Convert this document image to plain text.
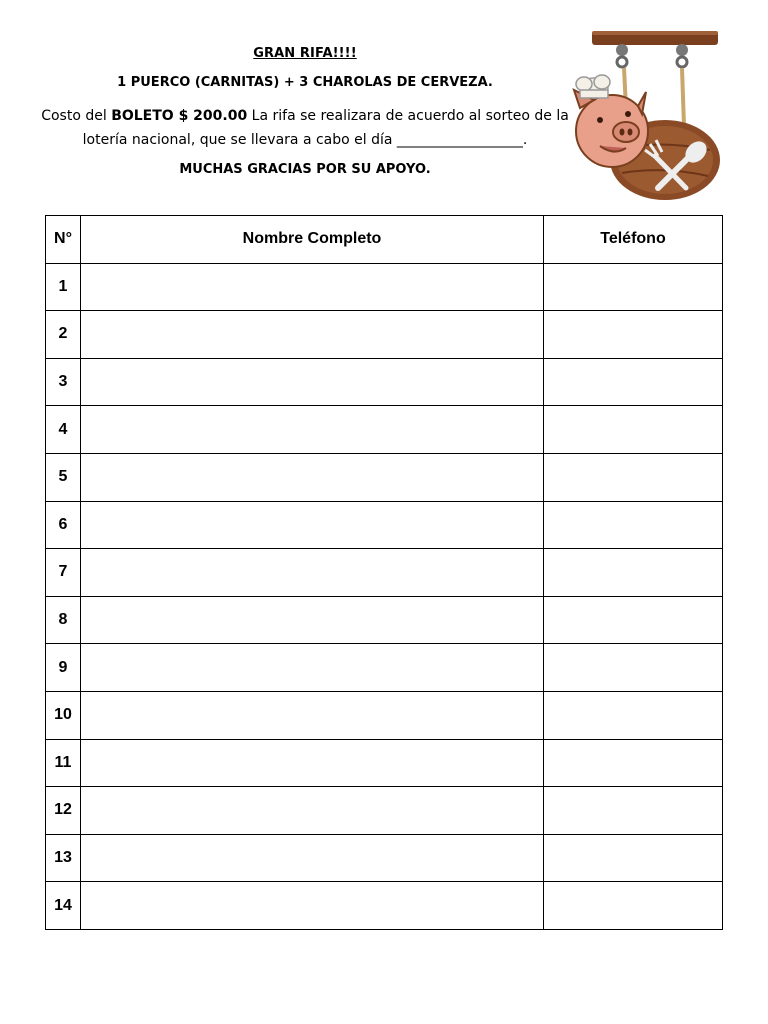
GRAN RIFA!!!!

1 PUERCO (CARNITAS) + 3 CHAROLAS DE CERVEZA.

Costo del BOLETO $ 200.00 La rifa se realizara de acuerdo al sorteo de la lotería nacional, que se llevara a cabo el día __________________.

MUCHAS GRACIAS POR SU APOYO.

N°	Nombre Completo	Teléfono
1		
2		
3		
4		
5		
6		
7		
8		
9		
10		
11		
12		
13		
14		
